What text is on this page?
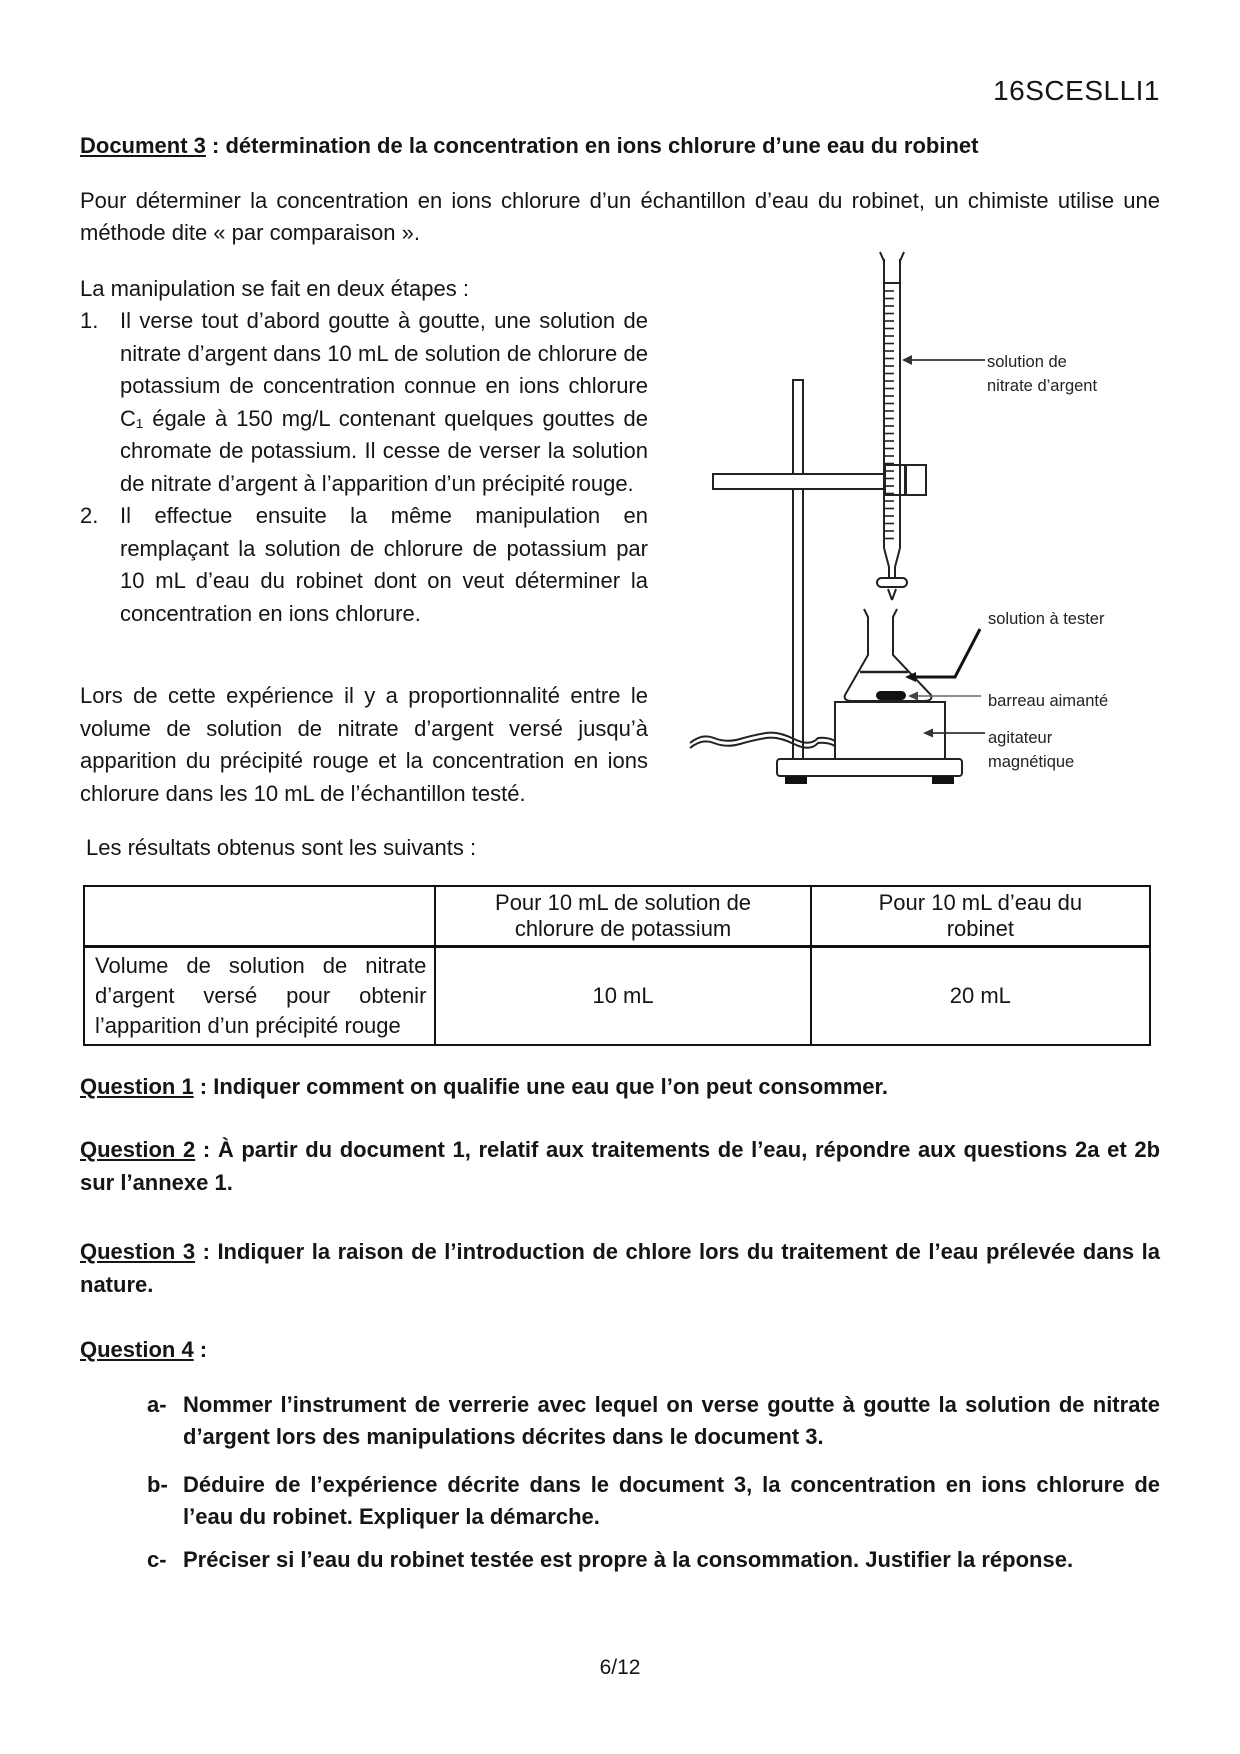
16SCESLLI1
solution de
nitrate d’argent
solution à tester
barreau aimanté
agitateur
magnétique
Document 3 : détermination de la concentration en ions chlorure d’une eau du robinet

Pour déterminer la concentration en ions chlorure d’un échantillon d’eau du robinet, un chimiste utilise une méthode dite « par comparaison ».

La manipulation se fait en deux étapes :
1. Il verse tout d’abord goutte à goutte, une solution de nitrate d’argent dans 10 mL de solution de chlorure de potassium de concentration connue en ions chlorure C₁ égale à 150 mg/L contenant quelques gouttes de chromate de potassium. Il cesse de verser la solution de nitrate d’argent à l’apparition d’un précipité rouge.
2. Il effectue ensuite la même manipulation en remplaçant la solution de chlorure de potassium par 10 mL d’eau du robinet dont on veut déterminer la concentration en ions chlorure.

Lors de cette expérience il y a proportionnalité entre le volume de solution de nitrate d’argent versé jusqu’à apparition du précipité rouge et la concentration en ions chlorure dans les 10 mL de l’échantillon testé.

Les résultats obtenus sont les suivants :

	Pour 10 mL de solution de
chlorure de potassium	Pour 10 mL d’eau du
robinet

Volume de solution de nitrate d’argent versé pour obtenir l’apparition d’un précipité rouge	10 mL	20 mL

Question 1 : Indiquer comment on qualifie une eau que l’on peut consommer.

Question 2 : À partir du document 1, relatif aux traitements de l’eau, répondre aux questions 2a et 2b sur l’annexe 1.

Question 3 : Indiquer la raison de l’introduction de chlore lors du traitement de l’eau prélevée dans la nature.

Question 4 :

a- Nommer l’instrument de verrerie avec lequel on verse goutte à goutte la solution de nitrate d’argent lors des manipulations décrites dans le document 3.
b- Déduire de l’expérience décrite dans le document 3, la concentration en ions chlorure de l’eau du robinet. Expliquer la démarche.
c- Préciser si l’eau du robinet testée est propre à la consommation. Justifier la réponse.
6/12
